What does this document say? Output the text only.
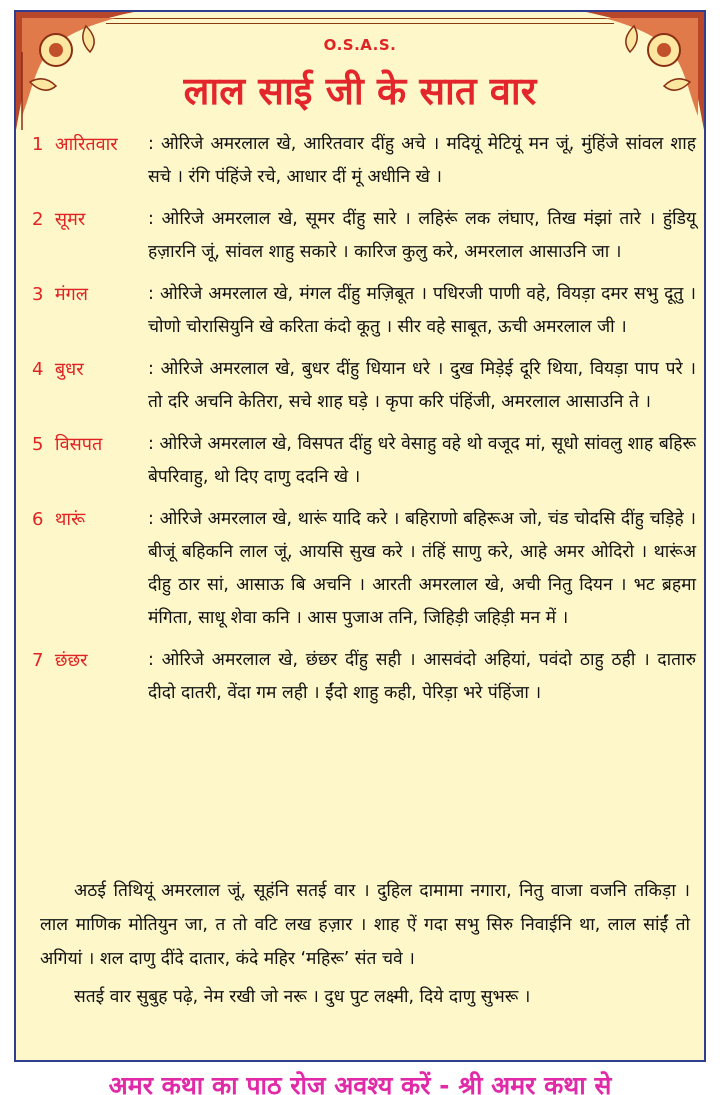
O.S.A.S.
लाल साई जी के सात वार
1 आरितवार : ओरिजे अमरलाल खे, आरितवार दींहु अचे । मदियूं मेटियूं मन जूं, मुंहिंजे सांवल शाह सचे । रंगि पंहिंजे रचे, आधार दीं मूं अधीनि खे ।
2 सूमर	: ओरिजे अमरलाल खे, सूमर दींहु सारे । लहिरूं लक लंघाए, तिख मंझां तारे । हुंडियू हज़ारनि जूं, सांवल शाहु सकारे । कारिज कुलु करे, अमरलाल आसाउनि जा ।
3 मंगल	: ओरिजे अमरलाल खे, मंगल दींहु मज़िबूत । पधिरजी पाणी वहे, वियड़ा दमर सभु दूतु । चोणो चोरासियुनि खे करिता कंदो कूतु । सीर वहे साबूत, ऊची अमरलाल जी ।
4 बुधर	: ओरिजे अमरलाल खे, बुधर दींहु धियान धरे । दुख मिड़ेई दूरि थिया, वियड़ा पाप परे । तो दरि अचनि केतिरा, सचे शाह घड़े । कृपा करि पंहिंजी, अमरलाल आसाउनि ते ।
5 विसपत	: ओरिजे अमरलाल खे, विसपत दींहु धरे वेसाहु वहे थो वजूद मां, सूधो सांवलु शाह बहिरू बेपरिवाहु, थो दिए दाणु ददनि खे ।
6 थारूं	: ओरिजे अमरलाल खे, थारूं यादि करे । बहिराणो बहिरूअ जो, चंड चोदसि दींहु चड़िहे । बीजूं बहिकनि लाल जूं, आयसि सुख करे । तंहिं साणु करे, आहे अमर ओदिरो । थारूंअ दीहु ठार सां, आसाऊ बि अचनि । आरती अमरलाल खे, अची नितु दियन । भट ब्रहमा मंगिता, साधू शेवा कनि । आस पुजाअ तनि, जिहिड़ी जहिड़ी मन में ।
7 छंछर	: ओरिजे अमरलाल खे, छंछर दींहु सही । आसवंदो अहियां, पवंदो ठाहु ठही । दातारु दीदो दातरी, वेंदा गम लही । ईंदो शाहु कही, पेरिड़ा भरे पंहिंजा ।

अठई तिथियूं अमरलाल जूं, सूहंनि सतई वार । दुहिल दामामा नगारा, नितु वाजा वजनि तकिड़ा । लाल माणिक मोतियुन जा, त तो वटि लख हज़ार । शाह ऐं गदा सभु सिरु निवाईनि था, लाल सांईं तो अगियां । शल दाणु दींदे दातार, कंदे महिर ‘महिरू’ संत चवे ।

सतई वार सुबुह पढ़े, नेम रखी जो नरू । दुध पुट लक्ष्मी, दिये दाणु सुभरू ।

अमर कथा का पाठ रोज अवश्य करें - श्री अमर कथा से
